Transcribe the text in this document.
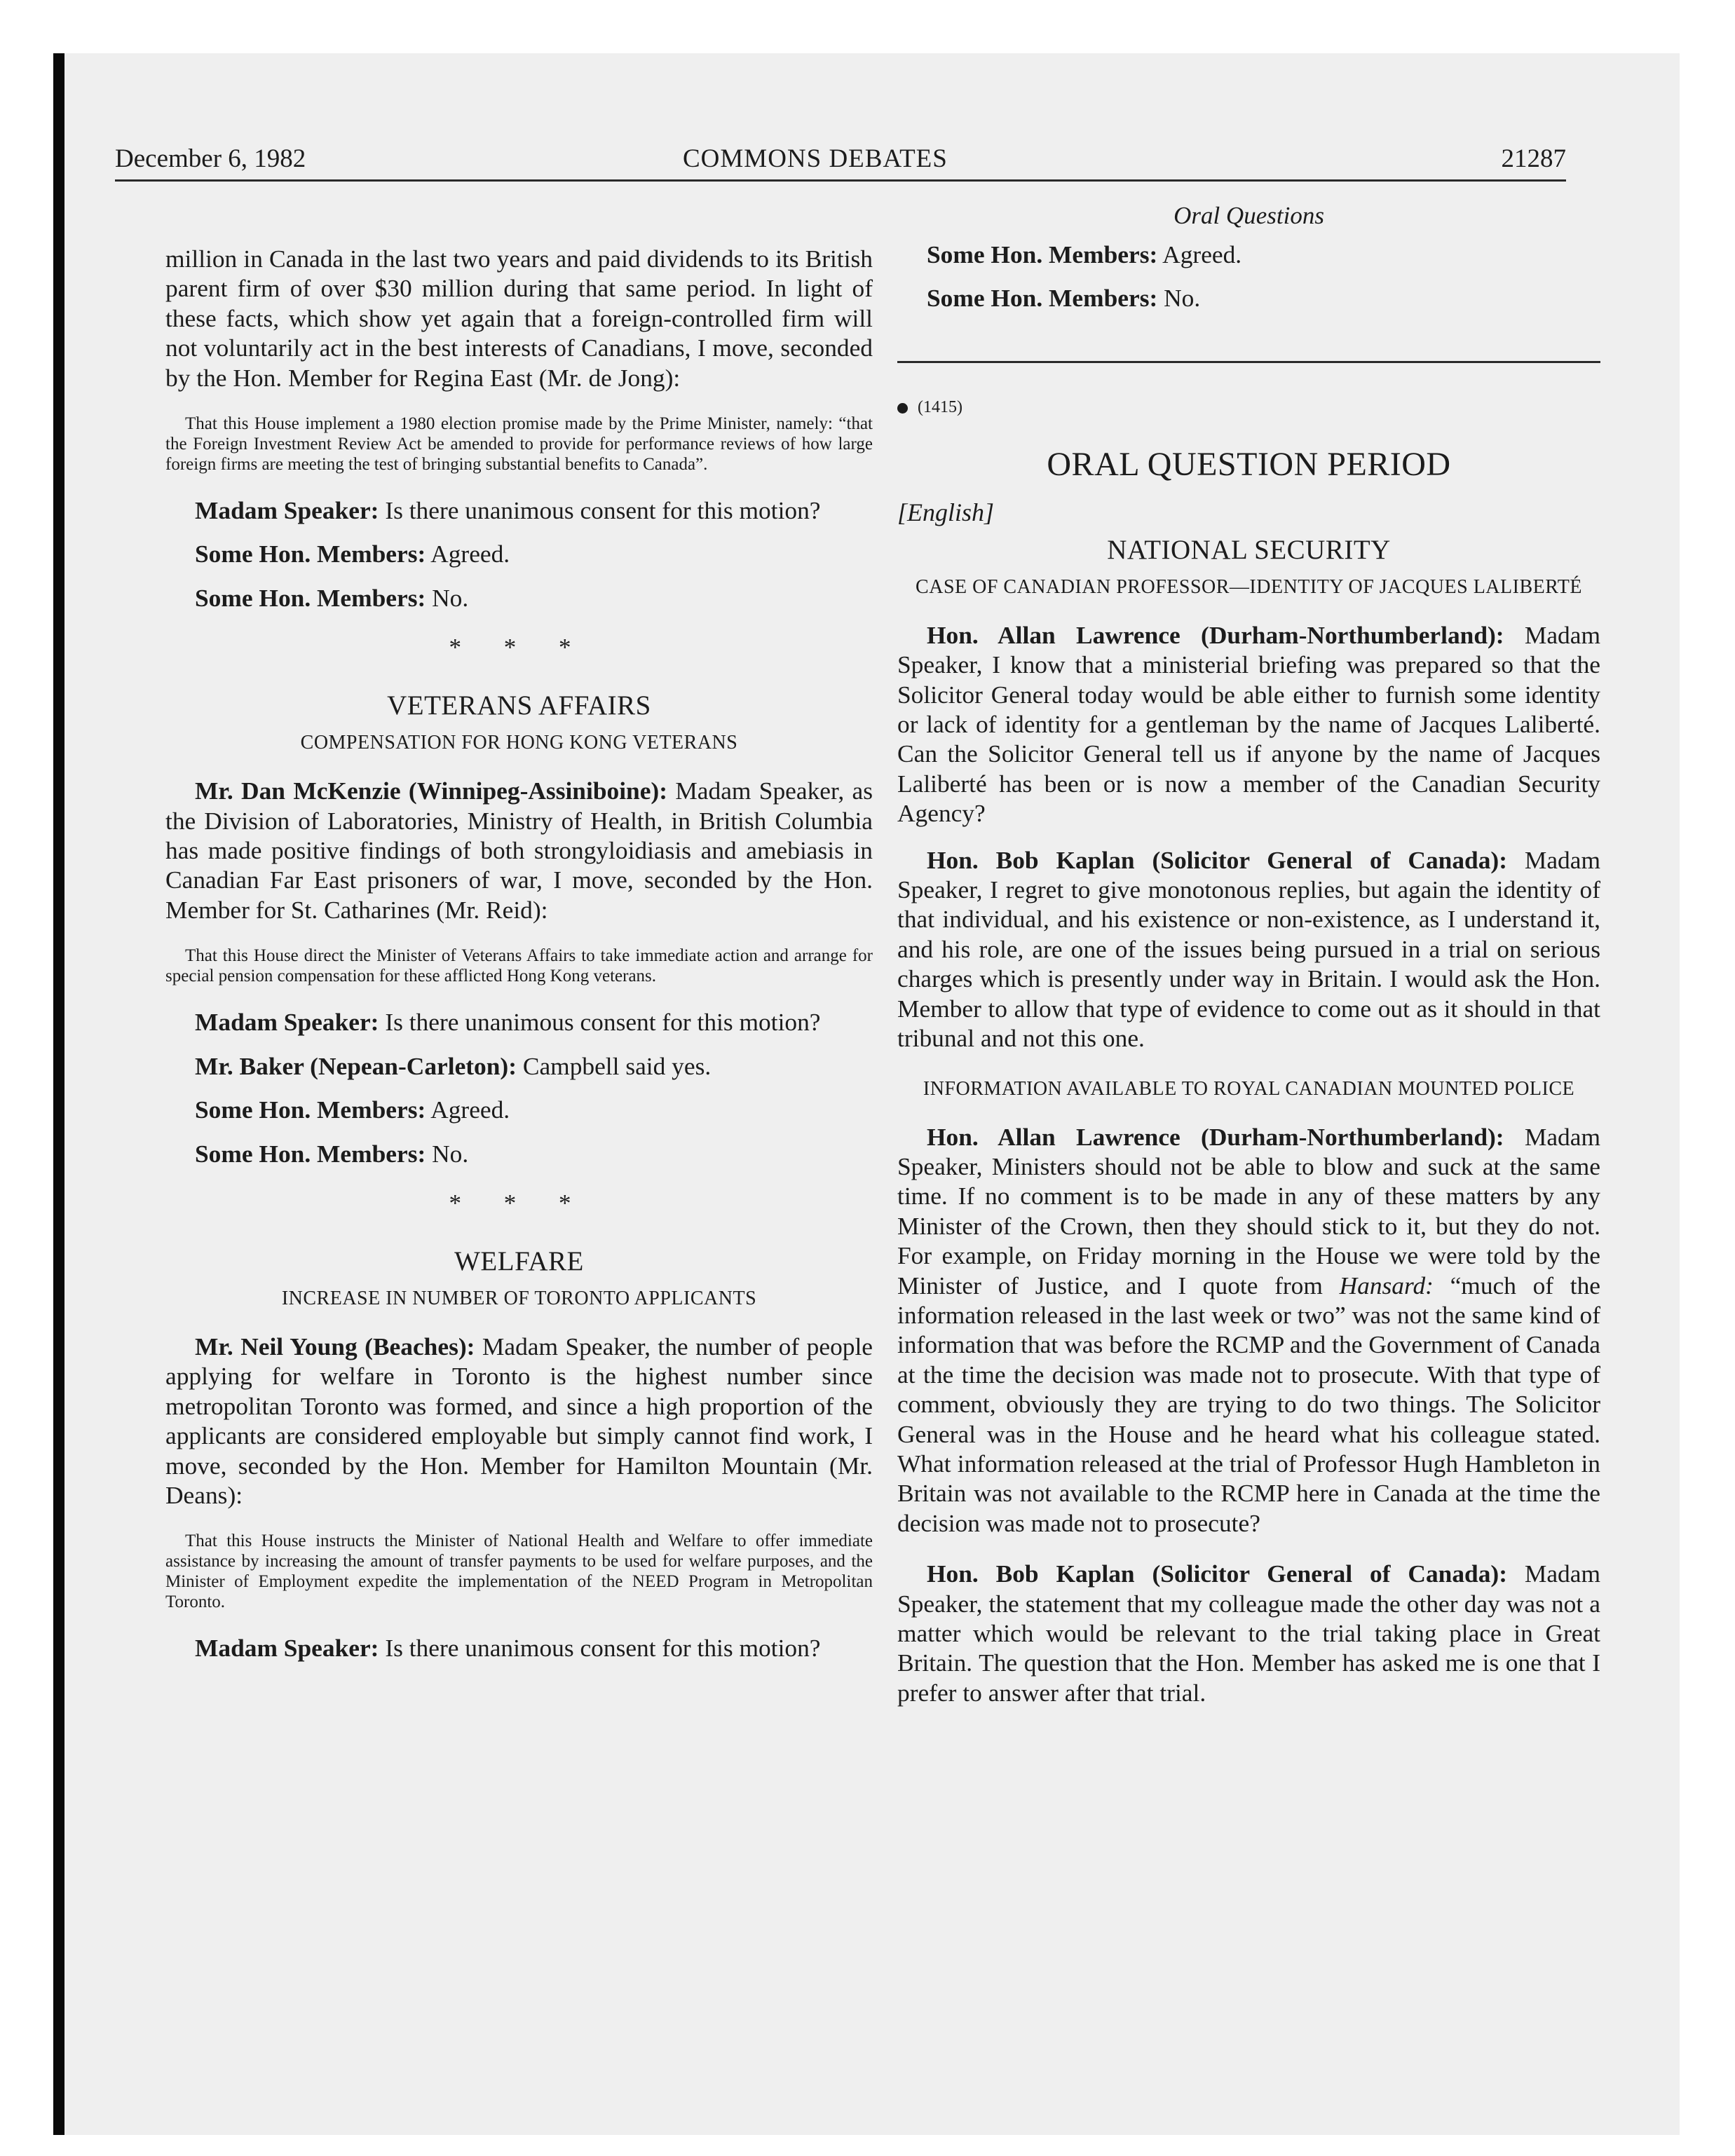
December 6, 1982	COMMONS DEBATES	21287

million in Canada in the last two years and paid dividends to its British parent firm of over $30 million during that same period. In light of these facts, which show yet again that a foreign-controlled firm will not voluntarily act in the best interests of Canadians, I move, seconded by the Hon. Member for Regina East (Mr. de Jong):

That this House implement a 1980 election promise made by the Prime Minister, namely: “that the Foreign Investment Review Act be amended to provide for performance reviews of how large foreign firms are meeting the test of bringing substantial benefits to Canada”.

Madam Speaker: Is there unanimous consent for this motion?

Some Hon. Members: Agreed.

Some Hon. Members: No.

* * *

VETERANS AFFAIRS

COMPENSATION FOR HONG KONG VETERANS

Mr. Dan McKenzie (Winnipeg-Assiniboine): Madam Speaker, as the Division of Laboratories, Ministry of Health, in British Columbia has made positive findings of both strongyloidiasis and amebiasis in Canadian Far East prisoners of war, I move, seconded by the Hon. Member for St. Catharines (Mr. Reid):

That this House direct the Minister of Veterans Affairs to take immediate action and arrange for special pension compensation for these afflicted Hong Kong veterans.

Madam Speaker: Is there unanimous consent for this motion?

Mr. Baker (Nepean-Carleton): Campbell said yes.

Some Hon. Members: Agreed.

Some Hon. Members: No.

* * *

WELFARE

INCREASE IN NUMBER OF TORONTO APPLICANTS

Mr. Neil Young (Beaches): Madam Speaker, the number of people applying for welfare in Toronto is the highest number since metropolitan Toronto was formed, and since a high proportion of the applicants are considered employable but simply cannot find work, I move, seconded by the Hon. Member for Hamilton Mountain (Mr. Deans):

That this House instructs the Minister of National Health and Welfare to offer immediate assistance by increasing the amount of transfer payments to be used for welfare purposes, and the Minister of Employment expedite the implementation of the NEED Program in Metropolitan Toronto.

Madam Speaker: Is there unanimous consent for this motion?

Oral Questions

Some Hon. Members: Agreed.

Some Hon. Members: No.

(1415)

ORAL QUESTION PERIOD

[English]

NATIONAL SECURITY

CASE OF CANADIAN PROFESSOR—IDENTITY OF JACQUES LALIBERTÉ

Hon. Allan Lawrence (Durham-Northumberland): Madam Speaker, I know that a ministerial briefing was prepared so that the Solicitor General today would be able either to furnish some identity or lack of identity for a gentleman by the name of Jacques Laliberté. Can the Solicitor General tell us if anyone by the name of Jacques Laliberté has been or is now a member of the Canadian Security Agency?

Hon. Bob Kaplan (Solicitor General of Canada): Madam Speaker, I regret to give monotonous replies, but again the identity of that individual, and his existence or non-existence, as I understand it, and his role, are one of the issues being pursued in a trial on serious charges which is presently under way in Britain. I would ask the Hon. Member to allow that type of evidence to come out as it should in that tribunal and not this one.

INFORMATION AVAILABLE TO ROYAL CANADIAN MOUNTED POLICE

Hon. Allan Lawrence (Durham-Northumberland): Madam Speaker, Ministers should not be able to blow and suck at the same time. If no comment is to be made in any of these matters by any Minister of the Crown, then they should stick to it, but they do not. For example, on Friday morning in the House we were told by the Minister of Justice, and I quote from Hansard: “much of the information released in the last week or two” was not the same kind of information that was before the RCMP and the Government of Canada at the time the decision was made not to prosecute. With that type of comment, obviously they are trying to do two things. The Solicitor General was in the House and he heard what his colleague stated. What information released at the trial of Professor Hugh Hambleton in Britain was not available to the RCMP here in Canada at the time the decision was made not to prosecute?

Hon. Bob Kaplan (Solicitor General of Canada): Madam Speaker, the statement that my colleague made the other day was not a matter which would be relevant to the trial taking place in Great Britain. The question that the Hon. Member has asked me is one that I prefer to answer after that trial.
